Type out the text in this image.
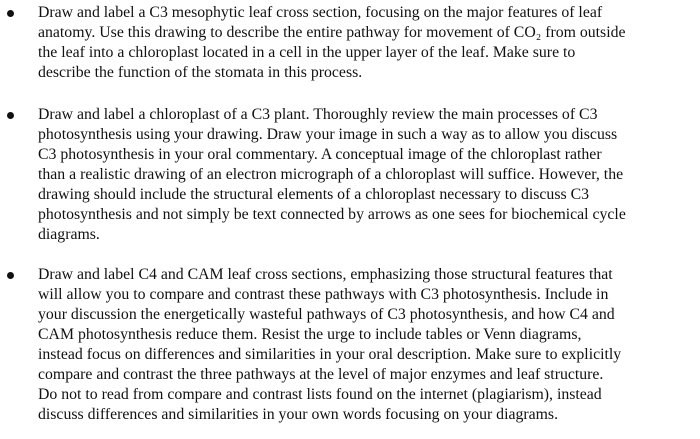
Draw and label a C3 mesophytic leaf cross section, focusing on the major features of leaf
anatomy. Use this drawing to describe the entire pathway for movement of CO₂ from outside
the leaf into a chloroplast located in a cell in the upper layer of the leaf. Make sure to
describe the function of the stomata in this process.

Draw and label a chloroplast of a C3 plant. Thoroughly review the main processes of C3
photosynthesis using your drawing. Draw your image in such a way as to allow you discuss
C3 photosynthesis in your oral commentary. A conceptual image of the chloroplast rather
than a realistic drawing of an electron micrograph of a chloroplast will suffice. However, the
drawing should include the structural elements of a chloroplast necessary to discuss C3
photosynthesis and not simply be text connected by arrows as one sees for biochemical cycle
diagrams.

Draw and label C4 and CAM leaf cross sections, emphasizing those structural features that
will allow you to compare and contrast these pathways with C3 photosynthesis. Include in
your discussion the energetically wasteful pathways of C3 photosynthesis, and how C4 and
CAM photosynthesis reduce them. Resist the urge to include tables or Venn diagrams,
instead focus on differences and similarities in your oral description. Make sure to explicitly
compare and contrast the three pathways at the level of major enzymes and leaf structure.
Do not to read from compare and contrast lists found on the internet (plagiarism), instead
discuss differences and similarities in your own words focusing on your diagrams.
